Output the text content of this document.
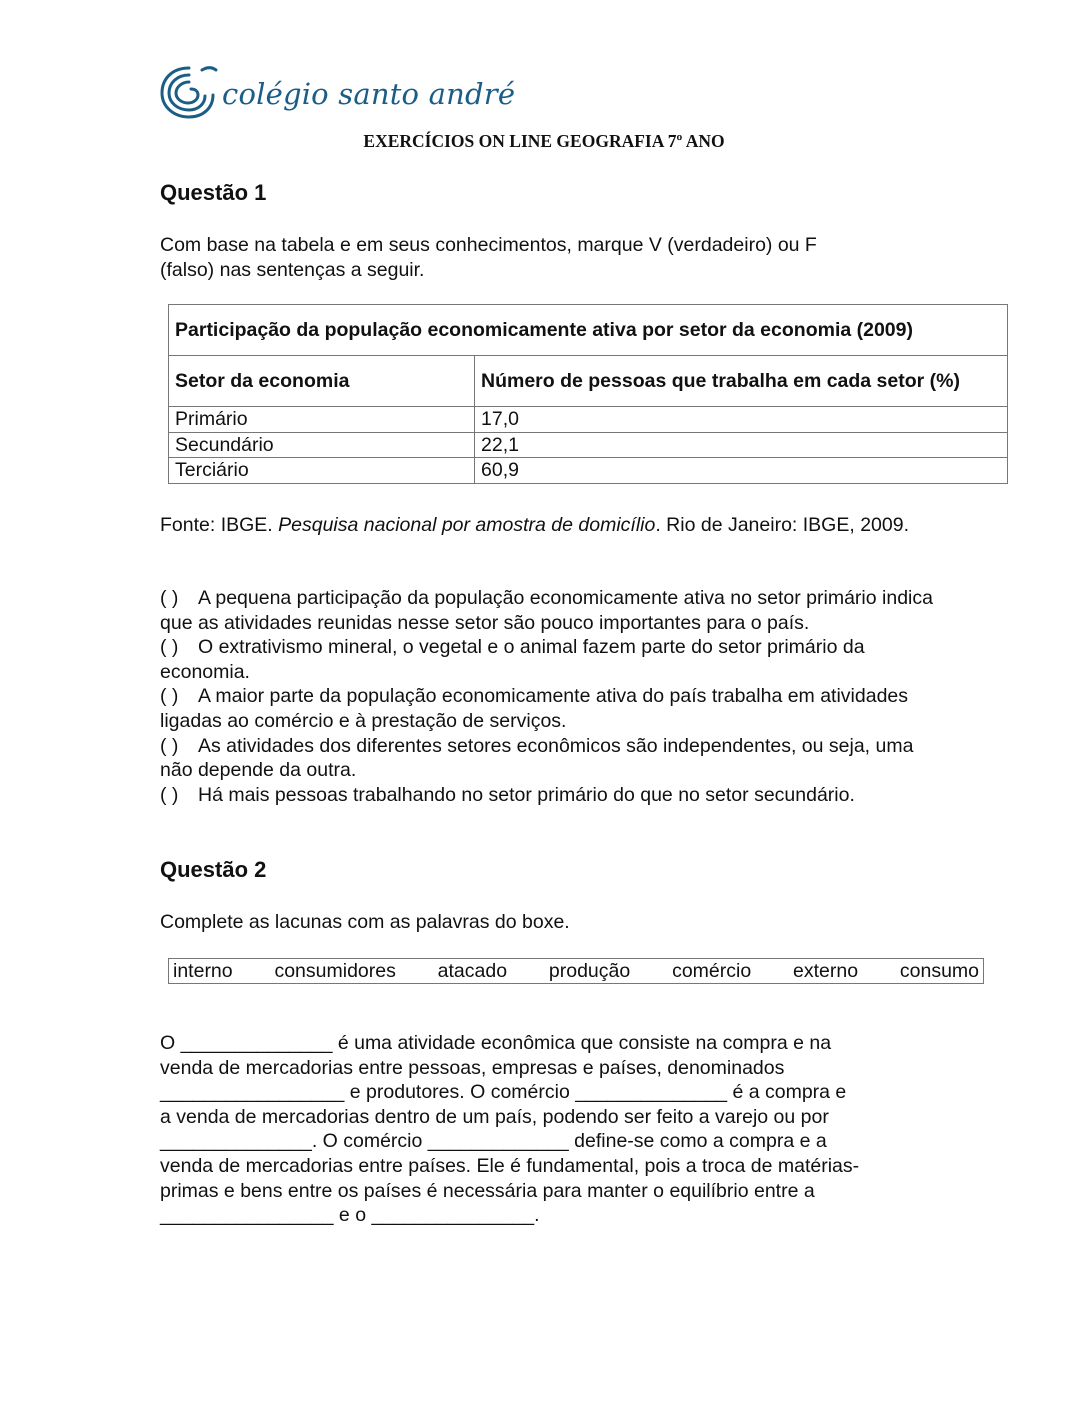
colégio santo andré
EXERCÍCIOS ON LINE GEOGRAFIA 7º ANO
Questão 1
Com base na tabela e em seus conhecimentos, marque V (verdadeiro) ou F
(falso) nas sentenças a seguir.
Participação da população economicamente ativa por setor da economia (2009)	
Setor da economia	Número de pessoas que trabalha em cada setor (%)
Primário	17,0
Secundário	22,1
Terciário	60,9
Fonte: IBGE. Pesquisa nacional por amostra de domicílio. Rio de Janeiro: IBGE, 2009.

( ) A pequena participação da população economicamente ativa no setor primário indica que as atividades reunidas nesse setor são pouco importantes para o país.

( ) O extrativismo mineral, o vegetal e o animal fazem parte do setor primário da economia.

( ) A maior parte da população economicamente ativa do país trabalha em atividades ligadas ao comércio e à prestação de serviços.

( ) As atividades dos diferentes setores econômicos são independentes, ou seja, uma não depende da outra.

( ) Há mais pessoas trabalhando no setor primário do que no setor secundário.

Questão 2
Complete as lacunas com as palavras do boxe.
interno consumidores atacado produção comércio externo consumo
O ______________ é uma atividade econômica que consiste na compra e na
venda de mercadorias entre pessoas, empresas e países, denominados
_________________ e produtores. O comércio ______________ é a compra e
a venda de mercadorias dentro de um país, podendo ser feito a varejo ou por
______________. O comércio _____________ define-se como a compra e a
venda de mercadorias entre países. Ele é fundamental, pois a troca de matérias-
primas e bens entre os países é necessária para manter o equilíbrio entre a
________________ e o _______________.
